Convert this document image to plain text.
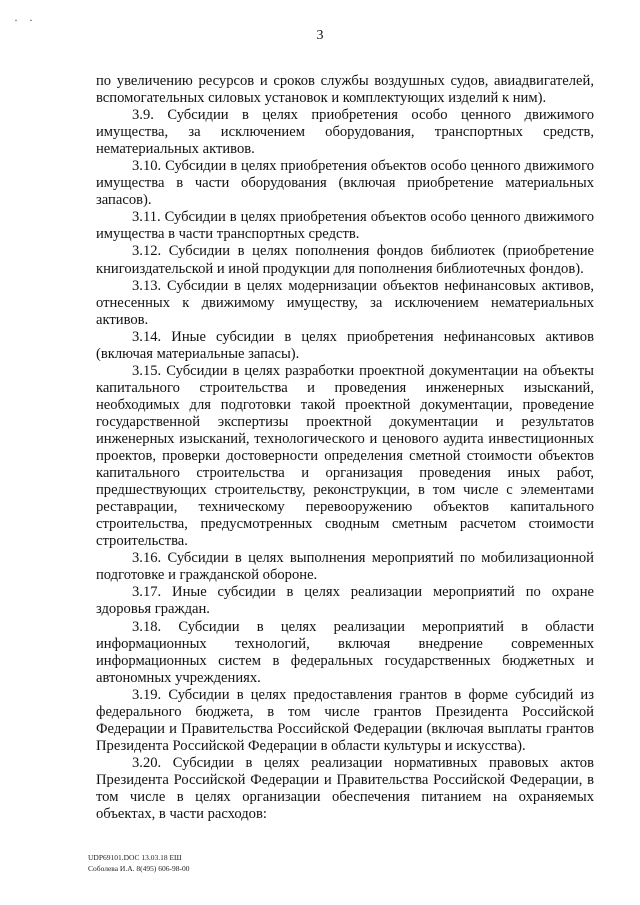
· ·
3

по увеличению ресурсов и сроков службы воздушных судов, авиадвигателей, вспомогательных силовых установок и комплектующих изделий к ним).

3.9. Субсидии в целях приобретения особо ценного движимого имущества, за исключением оборудования, транспортных средств, нематериальных активов.

3.10. Субсидии в целях приобретения объектов особо ценного движимого имущества в части оборудования (включая приобретение материальных запасов).

3.11. Субсидии в целях приобретения объектов особо ценного движимого имущества в части транспортных средств.

3.12. Субсидии в целях пополнения фондов библиотек (приобретение книгоиздательской и иной продукции для пополнения библиотечных фондов).

3.13. Субсидии в целях модернизации объектов нефинансовых активов, отнесенных к движимому имуществу, за исключением нематериальных активов.

3.14. Иные субсидии в целях приобретения нефинансовых активов (включая материальные запасы).

3.15. Субсидии в целях разработки проектной документации на объекты капитального строительства и проведения инженерных изысканий, необходимых для подготовки такой проектной документации, проведение государственной экспертизы проектной документации и результатов инженерных изысканий, технологического и ценового аудита инвестиционных проектов, проверки достоверности определения сметной стоимости объектов капитального строительства и организация проведения иных работ, предшествующих строительству, реконструкции, в том числе с элементами реставрации, техническому перевооружению объектов капитального строительства, предусмотренных сводным сметным расчетом стоимости строительства.

3.16. Субсидии в целях выполнения мероприятий по мобилизационной подготовке и гражданской обороне.

3.17. Иные субсидии в целях реализации мероприятий по охране здоровья граждан.

3.18. Субсидии в целях реализации мероприятий в области информационных технологий, включая внедрение современных информационных систем в федеральных государственных бюджетных и автономных учреждениях.

3.19. Субсидии в целях предоставления грантов в форме субсидий из федерального бюджета, в том числе грантов Президента Российской Федерации и Правительства Российской Федерации (включая выплаты грантов Президента Российской Федерации в области культуры и искусства).

3.20. Субсидии в целях реализации нормативных правовых актов Президента Российской Федерации и Правительства Российской Федерации, в том числе в целях организации обеспечения питанием на охраняемых объектах, в части расходов:

UDP69101.DOC 13.03.18 ЕШ
Соболева И.А. 8(495) 606-98-00
